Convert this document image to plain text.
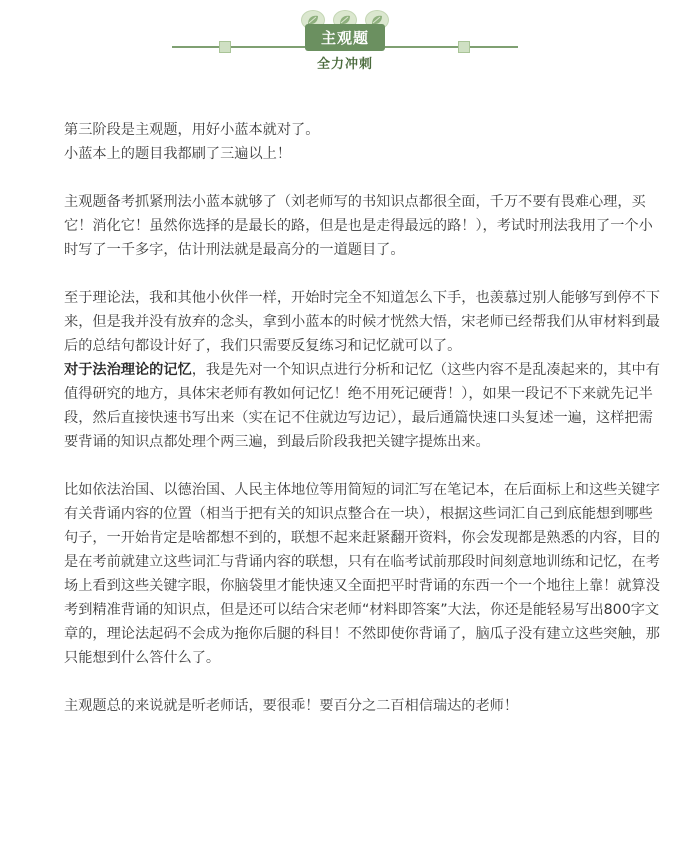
主观题
全力冲刺

第三阶段是主观题，用好小蓝本就对了。

小蓝本上的题目我都刷了三遍以上！

主观题备考抓紧刑法小蓝本就够了（刘老师写的书知识点都很全面，千万不要有畏难心理，买它！消化它！虽然你选择的是最长的路，但是也是走得最远的路！），考试时刑法我用了一个小时写了一千多字，估计刑法就是最高分的一道题目了。

至于理论法，我和其他小伙伴一样，开始时完全不知道怎么下手，也羡慕过别人能够写到停不下来，但是我并没有放弃的念头，拿到小蓝本的时候才恍然大悟，宋老师已经帮我们从审材料到最后的总结句都设计好了，我们只需要反复练习和记忆就可以了。

对于法治理论的记忆，我是先对一个知识点进行分析和记忆（这些内容不是乱凑起来的，其中有值得研究的地方，具体宋老师有教如何记忆！绝不用死记硬背！），如果一段记不下来就先记半段，然后直接快速书写出来（实在记不住就边写边记），最后通篇快速口头复述一遍，这样把需要背诵的知识点都处理个两三遍，到最后阶段我把关键字提炼出来。

比如依法治国、以德治国、人民主体地位等用简短的词汇写在笔记本，在后面标上和这些关键字有关背诵内容的位置（相当于把有关的知识点整合在一块），根据这些词汇自己到底能想到哪些句子，一开始肯定是啥都想不到的，联想不起来赶紧翻开资料，你会发现都是熟悉的内容，目的是在考前就建立这些词汇与背诵内容的联想，只有在临考试前那段时间刻意地训练和记忆，在考场上看到这些关键字眼，你脑袋里才能快速又全面把平时背诵的东西一个一个地往上靠！就算没考到精准背诵的知识点，但是还可以结合宋老师“材料即答案”大法，你还是能轻易写出800字文章的，理论法起码不会成为拖你后腿的科目！不然即使你背诵了，脑瓜子没有建立这些突触，那只能想到什么答什么了。

主观题总的来说就是听老师话，要很乖！要百分之二百相信瑞达的老师！
